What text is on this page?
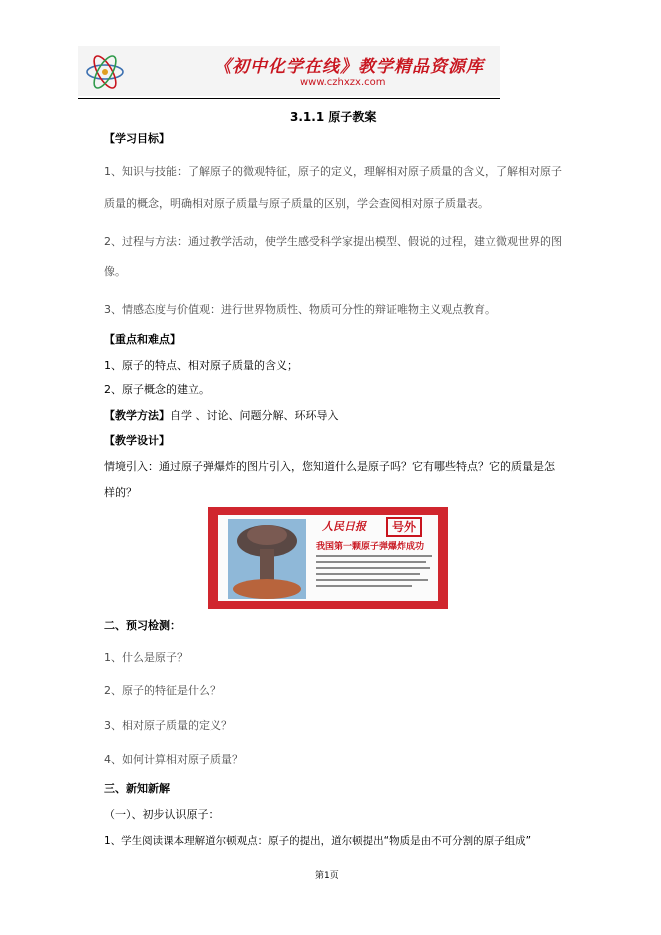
《初中化学在线》教学精品资源库
www.czhxzx.com
3.1.1 原子教案
【学习目标】
1、知识与技能：了解原子的微观特征，原子的定义，理解相对原子质量的含义，了解相对原子
质量的概念，明确相对原子质量与原子质量的区别，学会查阅相对原子质量表。
2、过程与方法：通过教学活动，使学生感受科学家提出模型、假说的过程，建立微观世界的图
像。
3、情感态度与价值观：进行世界物质性、物质可分性的辩证唯物主义观点教育。
【重点和难点】
1、原子的特点、相对原子质量的含义；
2、原子概念的建立。
【教学方法】自学 、讨论、问题分解、环环导入
【教学设计】
情境引入：通过原子弹爆炸的图片引入，您知道什么是原子吗？它有哪些特点？它的质量是怎
样的？
人民日报	号外
我国第一颗原子弹爆炸成功
二、预习检测：
1、什么是原子？
2、原子的特征是什么？
3、相对原子质量的定义？
4、如何计算相对原子质量？
三、新知新解
（一）、初步认识原子：
1、学生阅读课本理解道尔顿观点：原子的提出，道尔顿提出“物质是由不可分割的原子组成”
第1页
